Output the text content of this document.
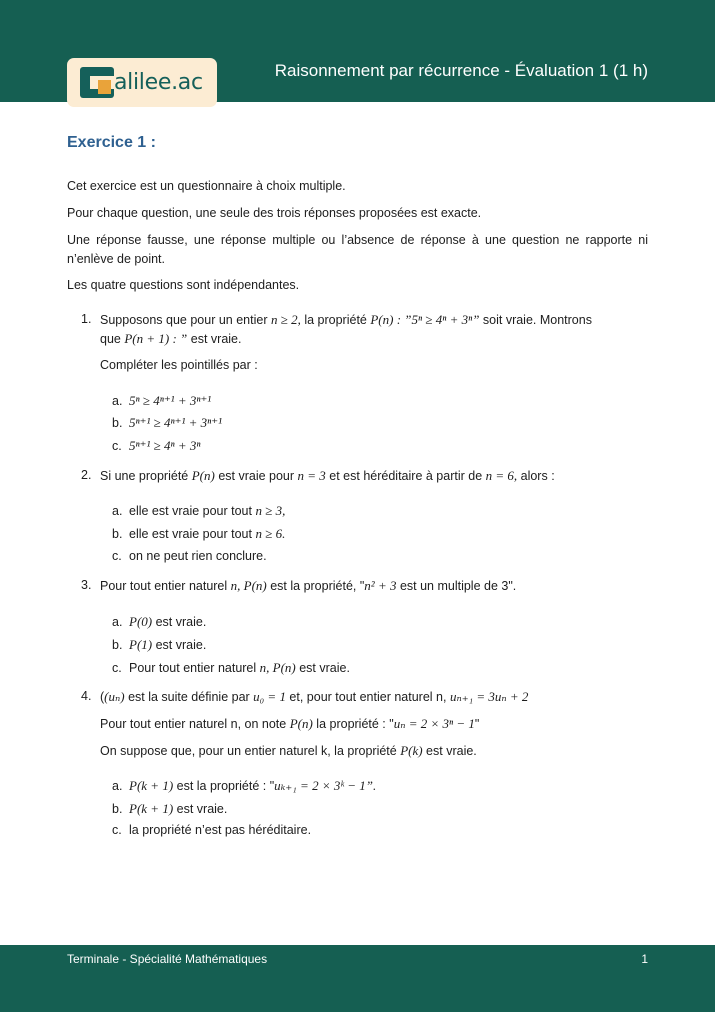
alilee.ac	Raisonnement par récurrence - Évaluation 1 (1 h)
Exercice 1 :

Cet exercice est un questionnaire à choix multiple.

Pour chaque question, une seule des trois réponses proposées est exacte.

Une réponse fausse, une réponse multiple ou l’absence de réponse à une question ne rapporte ni n’enlève de point.

Les quatre questions sont indépendantes.

1. Supposons que pour un entier n ≥ 2, la propriété P(n) : ”5ⁿ ≥ 4ⁿ + 3ⁿ” soit vraie. Montrons
que P(n + 1) : ” est vraie.
Compléter les pointillés par :
a. 5ⁿ ≥ 4ⁿ⁺¹ + 3ⁿ⁺¹
b. 5ⁿ⁺¹ ≥ 4ⁿ⁺¹ + 3ⁿ⁺¹
c. 5ⁿ⁺¹ ≥ 4ⁿ + 3ⁿ
2. Si une propriété P(n) est vraie pour n = 3 et est héréditaire à partir de n = 6, alors :
a. elle est vraie pour tout n ≥ 3,
b. elle est vraie pour tout n ≥ 6.
c. on ne peut rien conclure.
3. Pour tout entier naturel n, P(n) est la propriété, "n² + 3 est un multiple de 3".
a. P(0) est vraie.
b. P(1) est vraie.
c. Pour tout entier naturel n, P(n) est vraie.
4. ((uₙ) est la suite définie par u₀ = 1 et, pour tout entier naturel n, uₙ₊₁ = 3uₙ + 2
Pour tout entier naturel n, on note P(n) la propriété : "uₙ = 2 × 3ⁿ − 1"
On suppose que, pour un entier naturel k, la propriété P(k) est vraie.
a. P(k + 1) est la propriété : "uₖ₊₁ = 2 × 3ᵏ − 1”.
b. P(k + 1) est vraie.
c. la propriété n’est pas héréditaire.
Terminale - Spécialité Mathématiques	1
